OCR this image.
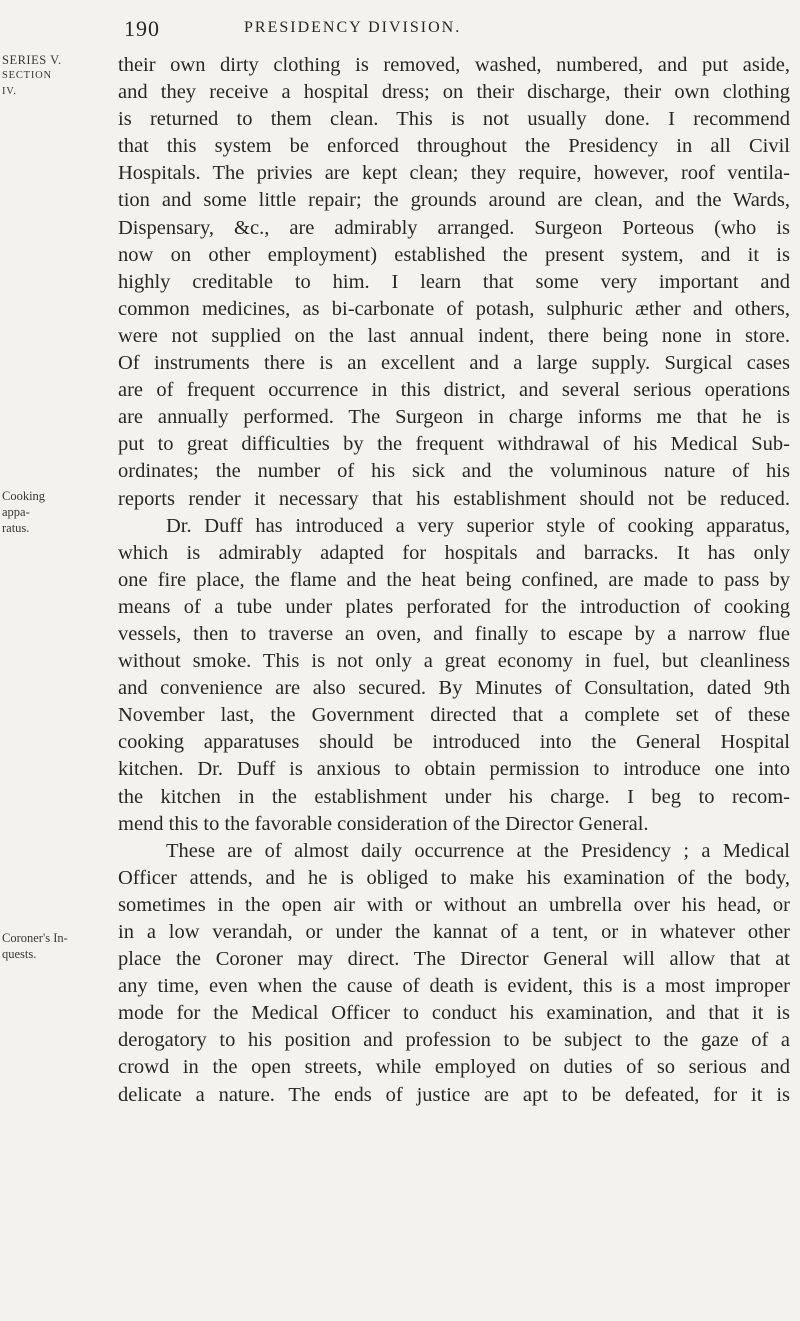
190	PRESIDENCY DIVISION.
SERIES V.
SECTION IV.
Cooking appa-
ratus.
Coroner's In-
quests.
their own dirty clothing is removed, washed, numbered, and put aside,
and they receive a hospital dress; on their discharge, their own clothing
is returned to them clean. This is not usually done. I recommend
that this system be enforced throughout the Presidency in all Civil
Hospitals. The privies are kept clean; they require, however, roof ventila-
tion and some little repair; the grounds around are clean, and the Wards,
Dispensary, &c., are admirably arranged. Surgeon Porteous (who is
now on other employment) established the present system, and it is
highly creditable to him. I learn that some very important and
common medicines, as bi-carbonate of potash, sulphuric æther and others,
were not supplied on the last annual indent, there being none in store.
Of instruments there is an excellent and a large supply. Surgical cases
are of frequent occurrence in this district, and several serious operations
are annually performed. The Surgeon in charge informs me that he is
put to great difficulties by the frequent withdrawal of his Medical Sub-
ordinates; the number of his sick and the voluminous nature of his
reports render it necessary that his establishment should not be reduced.
Dr. Duff has introduced a very superior style of cooking apparatus,
which is admirably adapted for hospitals and barracks. It has only
one fire place, the flame and the heat being confined, are made to pass by
means of a tube under plates perforated for the introduction of cooking
vessels, then to traverse an oven, and finally to escape by a narrow flue
without smoke. This is not only a great economy in fuel, but cleanliness
and convenience are also secured. By Minutes of Consultation, dated 9th
November last, the Government directed that a complete set of these
cooking apparatuses should be introduced into the General Hospital
kitchen. Dr. Duff is anxious to obtain permission to introduce one into
the kitchen in the establishment under his charge. I beg to recom-
mend this to the favorable consideration of the Director General.
These are of almost daily occurrence at the Presidency ; a Medical
Officer attends, and he is obliged to make his examination of the body,
sometimes in the open air with or without an umbrella over his head, or
in a low verandah, or under the kannat of a tent, or in whatever other
place the Coroner may direct. The Director General will allow that at
any time, even when the cause of death is evident, this is a most improper
mode for the Medical Officer to conduct his examination, and that it is
derogatory to his position and profession to be subject to the gaze of a
crowd in the open streets, while employed on duties of so serious and
delicate a nature. The ends of justice are apt to be defeated, for it is
